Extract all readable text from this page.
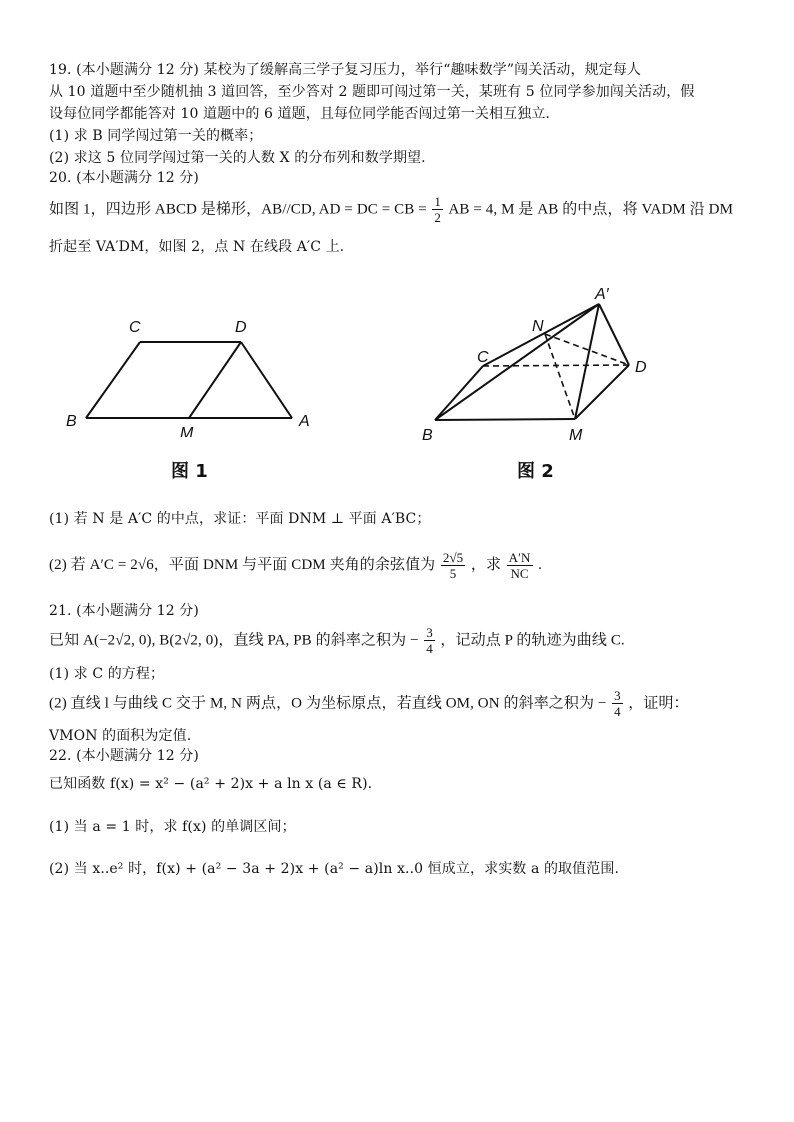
19. (本小题满分 12 分) 某校为了缓解高三学子复习压力，举行“趣味数学”闯关活动，规定每人
从 10 道题中至少随机抽 3 道回答，至少答对 2 题即可闯过第一关，某班有 5 位同学参加闯关活动，假
设每位同学都能答对 10 道题中的 6 道题，且每位同学能否闯过第一关相互独立.
(1) 求 B 同学闯过第一关的概率；
(2) 求这 5 位同学闯过第一关的人数 X 的分布列和数学期望.
20. (本小题满分 12 分)
如图 1，四边形 ABCD 是梯形，AB//CD, AD = DC = CB = $\frac{1}{2}$ AB = 4, M 是 AB 的中点，将 VADM 沿 DM
折起至 VA′DM，如图 2，点 N 在线段 A′C 上.
C	D
B
M
A
图 1
A′
N
C
D
B	M
图 2
(1) 若 N 是 A′C 的中点，求证：平面 DNM ⊥ 平面 A′BC；
(2) 若 A′C = 2√6，平面 DNM 与平面 CDM 夹角的余弦值为 $\frac{2√5}{5}$ ，求 $\frac{A'N}{NC}$ .
21. (本小题满分 12 分)
已知 A(−2√2, 0), B(2√2, 0)，直线 PA, PB 的斜率之积为 − $\frac{3}{4}$ ，记动点 P 的轨迹为曲线 C.
(1) 求 C 的方程；
(2) 直线 l 与曲线 C 交于 M, N 两点，O 为坐标原点，若直线 OM, ON 的斜率之积为 − $\frac{3}{4}$ ，证明：
VMON 的面积为定值.
22. (本小题满分 12 分)
已知函数 f(x) = x² − (a² + 2)x + a ln x (a ∈ R).
(1) 当 a = 1 时，求 f(x) 的单调区间；
(2) 当 x..e² 时，f(x) + (a² − 3a + 2)x + (a² − a)ln x..0 恒成立，求实数 a 的取值范围.
